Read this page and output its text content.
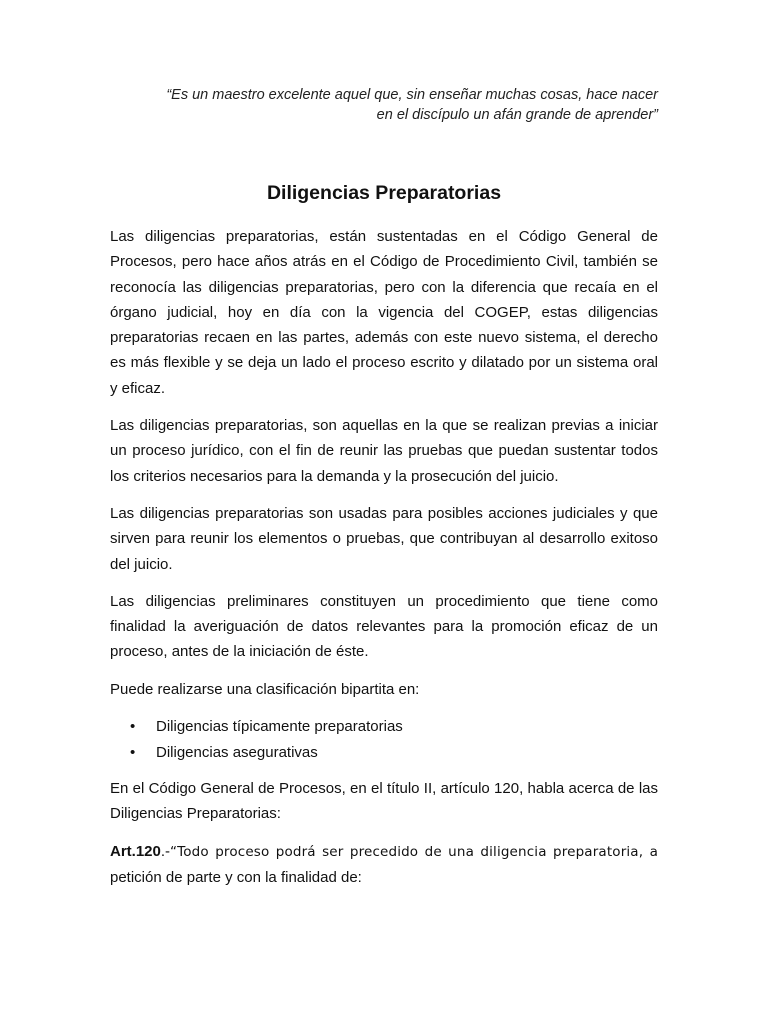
“Es un maestro excelente aquel que, sin enseñar muchas cosas, hace nacer
en el discípulo un afán grande de aprender”
Diligencias Preparatorias

Las diligencias preparatorias, están sustentadas en el Código General de Procesos, pero hace años atrás en el Código de Procedimiento Civil, también se reconocía las diligencias preparatorias, pero con la diferencia que recaía en el órgano judicial, hoy en día con la vigencia del COGEP, estas diligencias preparatorias recaen en las partes, además con este nuevo sistema, el derecho es más flexible y se deja un lado el proceso escrito y dilatado por un sistema oral y eficaz.

Las diligencias preparatorias, son aquellas en la que se realizan previas a iniciar un proceso jurídico, con el fin de reunir las pruebas que puedan sustentar todos los criterios necesarios para la demanda y la prosecución del juicio.

Las diligencias preparatorias son usadas para posibles acciones judiciales y que sirven para reunir los elementos o pruebas, que contribuyan al desarrollo exitoso del juicio.

Las diligencias preliminares constituyen un procedimiento que tiene como finalidad la averiguación de datos relevantes para la promoción eficaz de un proceso, antes de la iniciación de éste.

Puede realizarse una clasificación bipartita en:

• Diligencias típicamente preparatorias
• Diligencias asegurativas

En el Código General de Procesos, en el título II, artículo 120, habla acerca de las Diligencias Preparatorias:

Art.120.-“Todo proceso podrá ser precedido de una diligencia preparatoria, a petición de parte y con la finalidad de:
